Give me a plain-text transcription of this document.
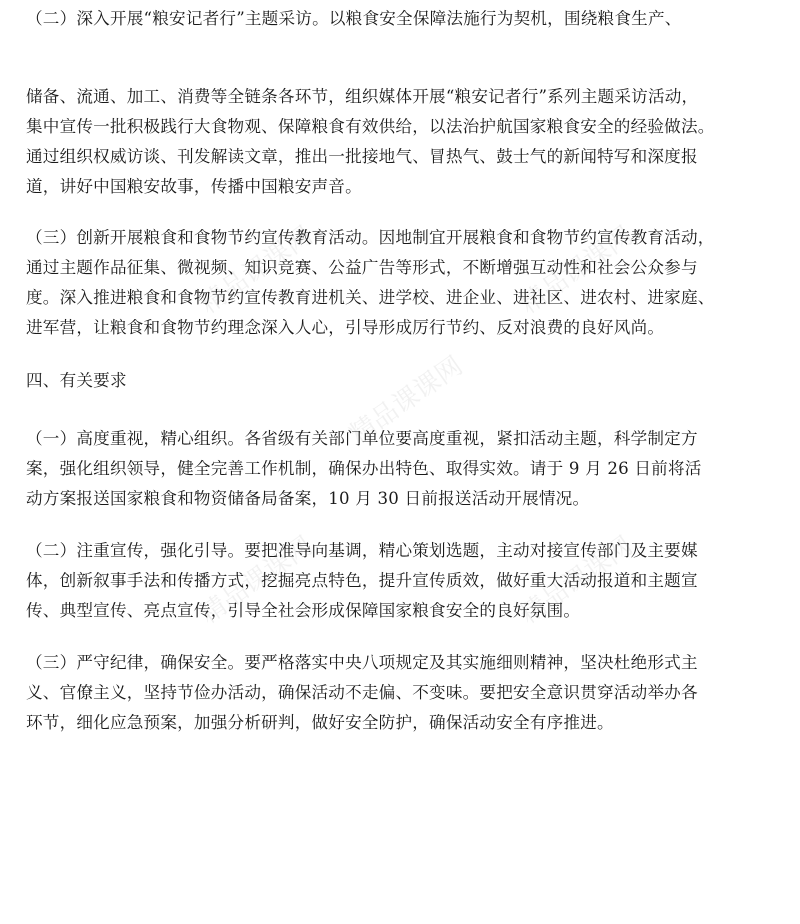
精品课课网	精品课课网
精品课课网
精品课课网	精品课课网
（二）深入开展“粮安记者行”主题采访。以粮食安全保障法施行为契机，围绕粮食生产、
储备、流通、加工、消费等全链条各环节，组织媒体开展“粮安记者行”系列主题采访活动，
集中宣传一批积极践行大食物观、保障粮食有效供给，以法治护航国家粮食安全的经验做法。
通过组织权威访谈、刊发解读文章，推出一批接地气、冒热气、鼓士气的新闻特写和深度报
道，讲好中国粮安故事，传播中国粮安声音。
（三）创新开展粮食和食物节约宣传教育活动。因地制宜开展粮食和食物节约宣传教育活动，
通过主题作品征集、微视频、知识竞赛、公益广告等形式，不断增强互动性和社会公众参与
度。深入推进粮食和食物节约宣传教育进机关、进学校、进企业、进社区、进农村、进家庭、
进军营，让粮食和食物节约理念深入人心，引导形成厉行节约、反对浪费的良好风尚。
四、有关要求
（一）高度重视，精心组织。各省级有关部门单位要高度重视，紧扣活动主题，科学制定方
案，强化组织领导，健全完善工作机制，确保办出特色、取得实效。请于 9 月 26 日前将活
动方案报送国家粮食和物资储备局备案，10 月 30 日前报送活动开展情况。
（二）注重宣传，强化引导。要把准导向基调，精心策划选题，主动对接宣传部门及主要媒
体，创新叙事手法和传播方式，挖掘亮点特色，提升宣传质效，做好重大活动报道和主题宣
传、典型宣传、亮点宣传，引导全社会形成保障国家粮食安全的良好氛围。
（三）严守纪律，确保安全。要严格落实中央八项规定及其实施细则精神，坚决杜绝形式主
义、官僚主义，坚持节俭办活动，确保活动不走偏、不变味。要把安全意识贯穿活动举办各
环节，细化应急预案，加强分析研判，做好安全防护，确保活动安全有序推进。
